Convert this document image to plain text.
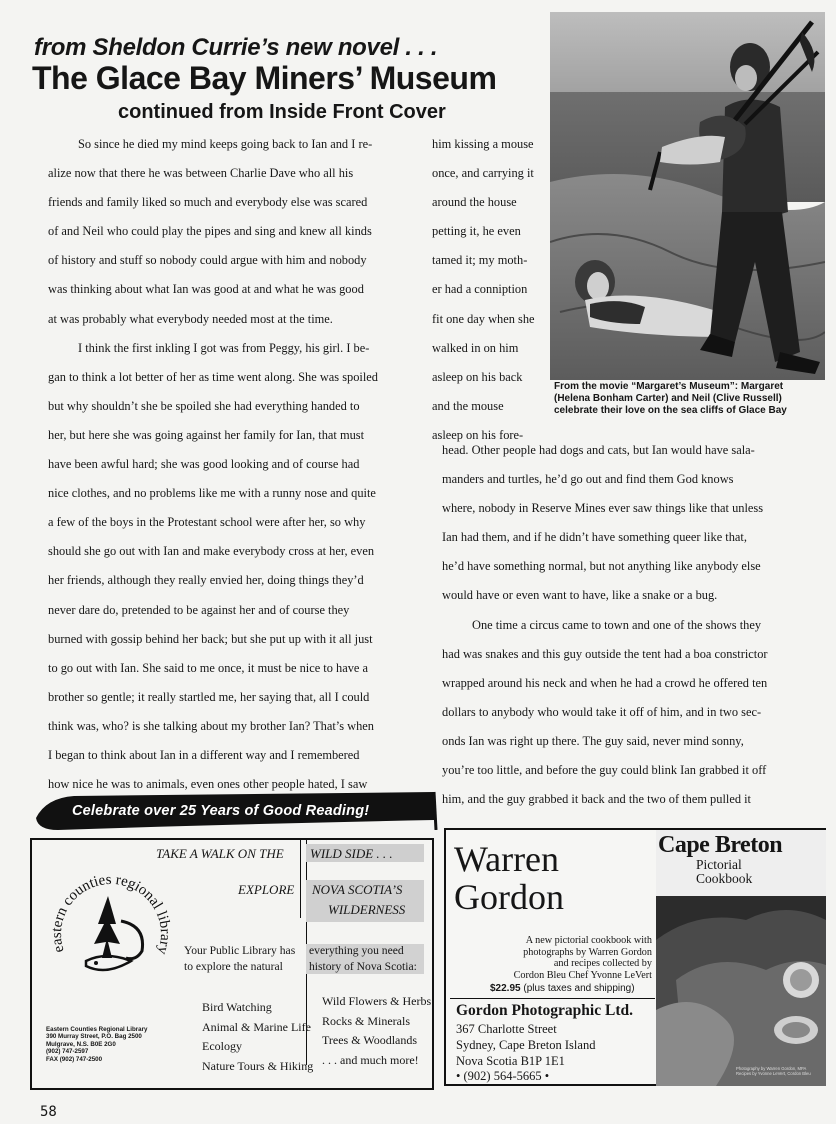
from Sheldon Currie’s new novel . . .
The Glace Bay Miners’ Museum
continued from Inside Front Cover
So since he died my mind keeps going back to Ian and I re-
alize now that there he was between Charlie Dave who all his
friends and family liked so much and everybody else was scared
of and Neil who could play the pipes and sing and knew all kinds
of history and stuff so nobody could argue with him and nobody
was thinking about what Ian was good at and what he was good
at was probably what everybody needed most at the time.
I think the first inkling I got was from Peggy, his girl. I be-
gan to think a lot better of her as time went along. She was spoiled
but why shouldn’t she be spoiled she had everything handed to
her, but here she was going against her family for Ian, that must
have been awful hard; she was good looking and of course had
nice clothes, and no problems like me with a runny nose and quite
a few of the boys in the Protestant school were after her, so why
should she go out with Ian and make everybody cross at her, even
her friends, although they really envied her, doing things they’d
never dare do, pretended to be against her and of course they
burned with gossip behind her back; but she put up with it all just
to go out with Ian. She said to me once, it must be nice to have a
brother so gentle; it really startled me, her saying that, all I could
think was, who? is she talking about my brother Ian? That’s when
I began to think about Ian in a different way and I remembered
how nice he was to animals, even ones other people hated, I saw
him kissing a mouse
once, and carrying it
around the house
petting it, he even
tamed it; my moth-
er had a conniption
fit one day when she
walked in on him
asleep on his back
and the mouse
asleep on his fore-
head. Other people had dogs and cats, but Ian would have sala-
manders and turtles, he’d go out and find them God knows
where, nobody in Reserve Mines ever saw things like that unless
Ian had them, and if he didn’t have something queer like that,
he’d have something normal, but not anything like anybody else
would have or even want to have, like a snake or a bug.
One time a circus came to town and one of the shows they
had was snakes and this guy outside the tent had a boa constrictor
wrapped around his neck and when he had a crowd he offered ten
dollars to anybody who would take it off of him, and in two sec-
onds Ian was right up there. The guy said, never mind sonny,
you’re too little, and before the guy could blink Ian grabbed it off
him, and the guy grabbed it back and the two of them pulled it
From the movie “Margaret’s Museum”: Margaret
(Helena Bonham Carter) and Neil (Clive Russell)
celebrate their love on the sea cliffs of Glace Bay
Celebrate over 25 Years of Good Reading!
TAKE A WALK ON THE WILD SIDE . . .
EXPLORE NOVA SCOTIA’S
WILDERNESS
eastern counties regional library Your Public Library has
to explore the natural
everything you need
history of Nova Scotia:
Bird Watching
Animal & Marine Life
Ecology
Nature Tours & Hiking
Wild Flowers & Herbs
Rocks & Minerals
Trees & Woodlands
. . . and much more!
Eastern Counties Regional Library
390 Murray Street, P.O. Bag 2500
Mulgrave, N.S. B0E 2G0
(902) 747-2597
FAX (902) 747-2500
Warren
Gordon
A new pictorial cookbook with
photographs by Warren Gordon
and recipes collected by
Cordon Bleu Chef Yvonne LeVert
$22.95 (plus taxes and shipping)
Gordon Photographic Ltd.
367 Charlotte Street
Sydney, Cape Breton Island
Nova Scotia B1P 1E1
• (902) 564-5665 •
Cape Breton
Pictorial
Cookbook
Photography by Warren Gordon, MPA
Recipes by Yvonne LeVert, Cordon Bleu
58
